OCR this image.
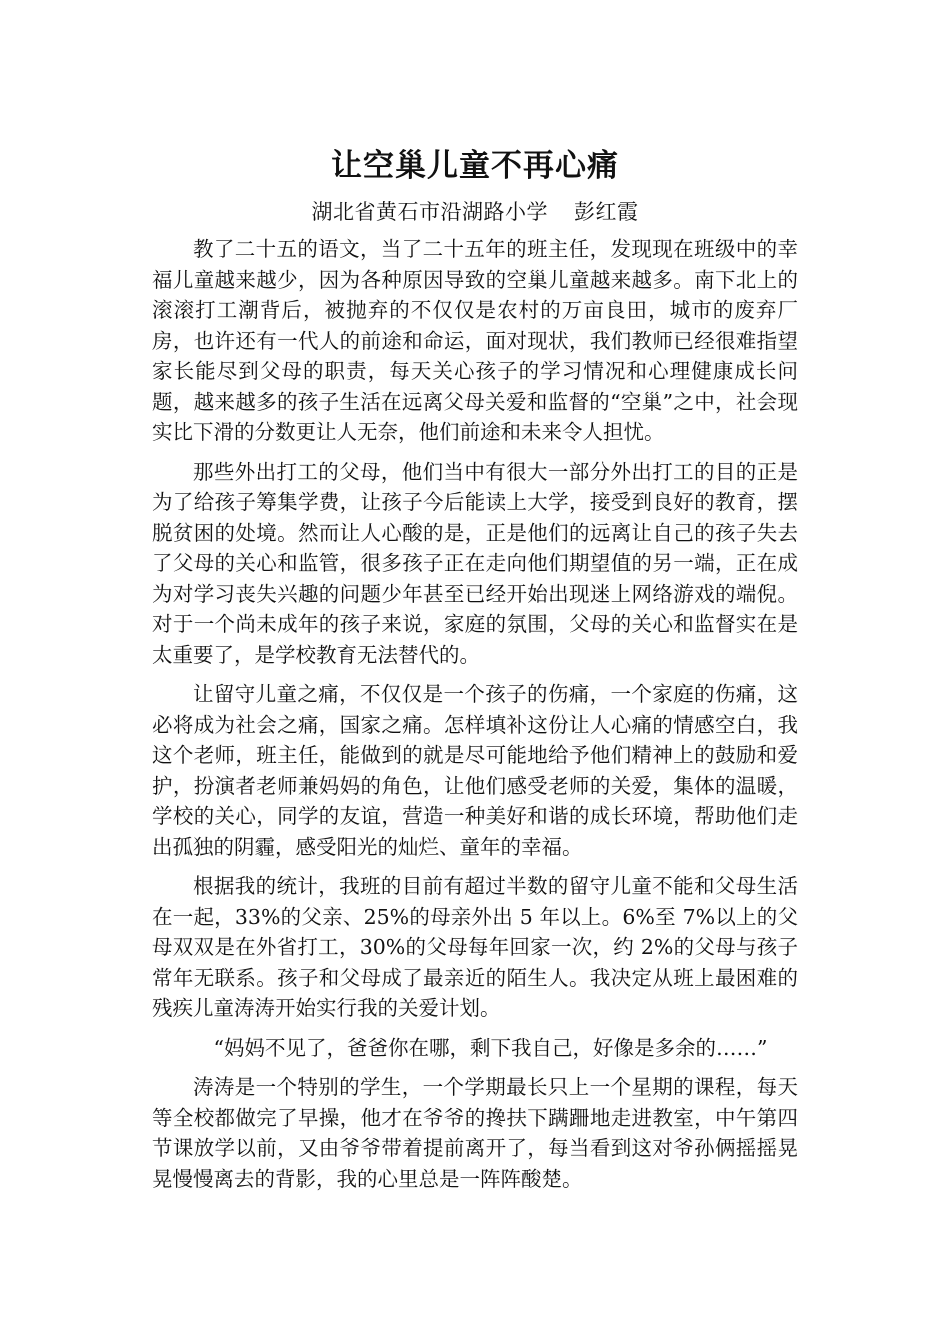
让空巢儿童不再心痛
湖北省黄石市沿湖路小学 彭红霞

教了二十五的语文，当了二十五年的班主任，发现现在班级中的幸福儿童越来越少，因为各种原因导致的空巢儿童越来越多。南下北上的滚滚打工潮背后，被抛弃的不仅仅是农村的万亩良田，城市的废弃厂房，也许还有一代人的前途和命运，面对现状，我们教师已经很难指望家长能尽到父母的职责，每天关心孩子的学习情况和心理健康成长问题，越来越多的孩子生活在远离父母关爱和监督的“空巢”之中，社会现实比下滑的分数更让人无奈，他们前途和未来令人担忧。

那些外出打工的父母，他们当中有很大一部分外出打工的目的正是为了给孩子筹集学费，让孩子今后能读上大学，接受到良好的教育，摆脱贫困的处境。然而让人心酸的是，正是他们的远离让自己的孩子失去了父母的关心和监管，很多孩子正在走向他们期望值的另一端，正在成为对学习丧失兴趣的问题少年甚至已经开始出现迷上网络游戏的端倪。对于一个尚未成年的孩子来说，家庭的氛围，父母的关心和监督实在是太重要了，是学校教育无法替代的。

让留守儿童之痛，不仅仅是一个孩子的伤痛，一个家庭的伤痛，这必将成为社会之痛，国家之痛。怎样填补这份让人心痛的情感空白，我这个老师，班主任，能做到的就是尽可能地给予他们精神上的鼓励和爱护，扮演者老师兼妈妈的角色，让他们感受老师的关爱，集体的温暖，学校的关心，同学的友谊，营造一种美好和谐的成长环境，帮助他们走出孤独的阴霾，感受阳光的灿烂、童年的幸福。

根据我的统计，我班的目前有超过半数的留守儿童不能和父母生活在一起，33%的父亲、25%的母亲外出 5 年以上。6%至 7%以上的父母双双是在外省打工，30%的父母每年回家一次，约 2%的父母与孩子常年无联系。孩子和父母成了最亲近的陌生人。我决定从班上最困难的残疾儿童涛涛开始实行我的关爱计划。

“妈妈不见了，爸爸你在哪，剩下我自己，好像是多余的……”

涛涛是一个特别的学生，一个学期最长只上一个星期的课程，每天等全校都做完了早操，他才在爷爷的搀扶下蹒跚地走进教室，中午第四节课放学以前，又由爷爷带着提前离开了，每当看到这对爷孙俩摇摇晃晃慢慢离去的背影，我的心里总是一阵阵酸楚。
